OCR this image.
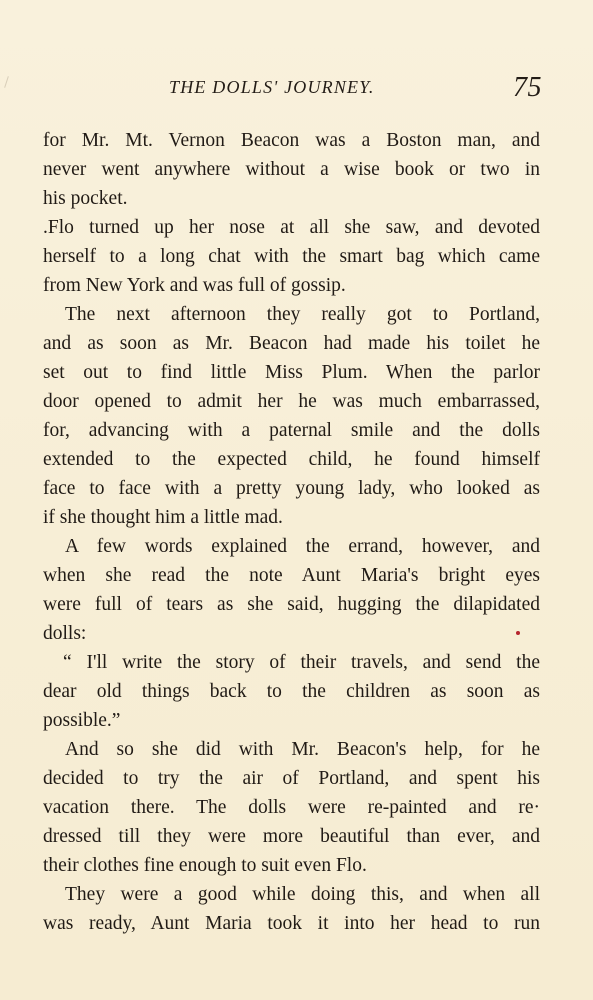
THE DOLLS' JOURNEY.	75
for Mr. Mt. Vernon Beacon was a Boston man, and
never went anywhere without a wise book or two in
his pocket.
.Flo turned up her nose at all she saw, and devoted
herself to a long chat with the smart bag which came
from New York and was full of gossip.
The next afternoon they really got to Portland,
and as soon as Mr. Beacon had made his toilet he
set out to find little Miss Plum. When the parlor
door opened to admit her he was much embarrassed,
for, advancing with a paternal smile and the dolls
extended to the expected child, he found himself
face to face with a pretty young lady, who looked as
if she thought him a little mad.
A few words explained the errand, however, and
when she read the note Aunt Maria's bright eyes
were full of tears as she said, hugging the dilapidated
dolls:
“ I'll write the story of their travels, and send the
dear old things back to the children as soon as
possible.”
And so she did with Mr. Beacon's help, for he
decided to try the air of Portland, and spent his
vacation there. The dolls were re-painted and re·
dressed till they were more beautiful than ever, and
their clothes fine enough to suit even Flo.
They were a good while doing this, and when all
was ready, Aunt Maria took it into her head to run
